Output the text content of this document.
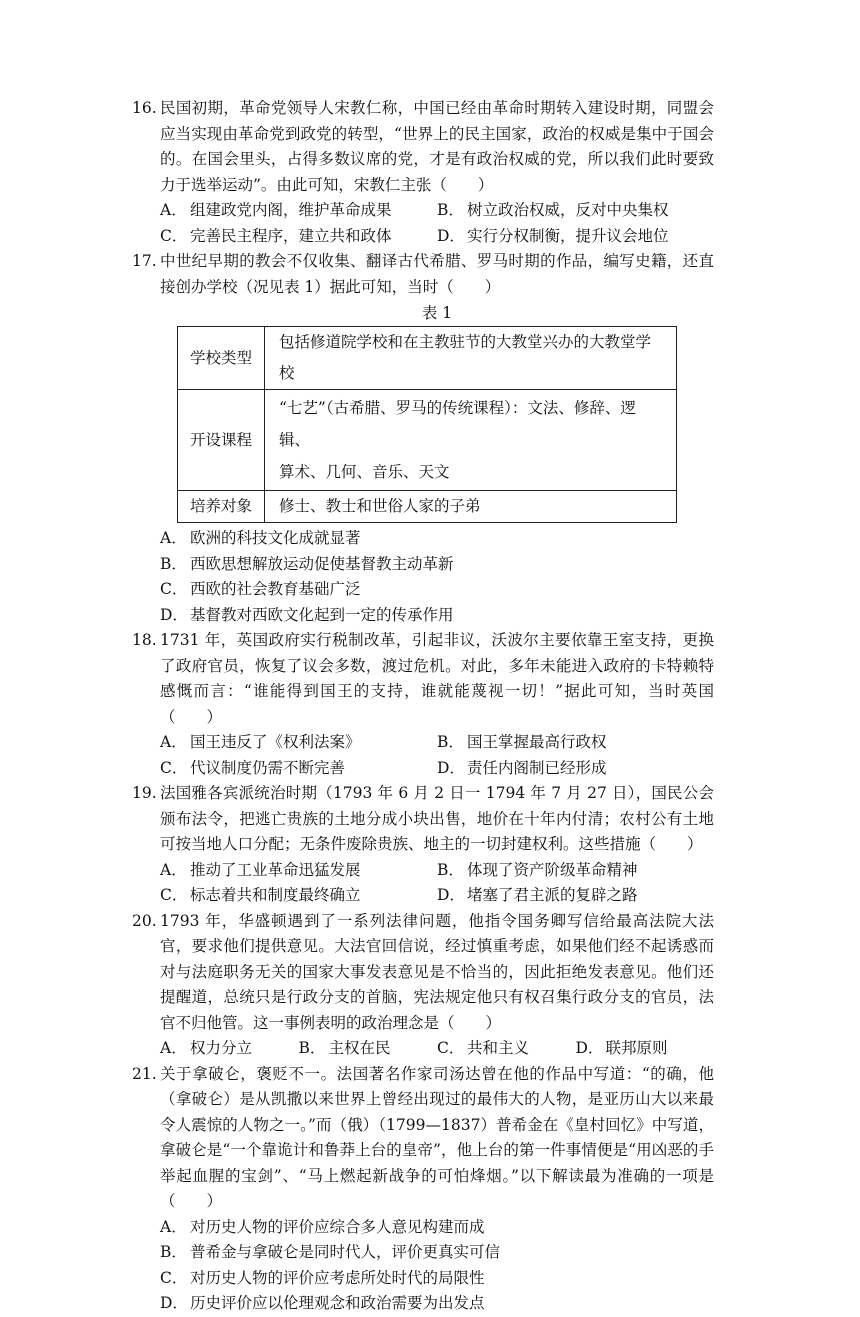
16. 民国初期，革命党领导人宋教仁称，中国已经由革命时期转入建设时期，同盟会应当实现由革命党到政党的转型，“世界上的民主国家，政治的权威是集中于国会的。在国会里头，占得多数议席的党，才是有政治权威的党，所以我们此时要致力于选举运动”。由此可知，宋教仁主张（　　）
A． 组建政党内阁，维护革命成果	B． 树立政治权威，反对中央集权
C． 完善民主程序，建立共和政体	D． 实行分权制衡，提升议会地位
17. 中世纪早期的教会不仅收集、翻译古代希腊、罗马时期的作品，编写史籍，还直接创办学校（况见表 1）据此可知，当时（　　）
表 1
学校类型	包括修道院学校和在主教驻节的大教堂兴办的大教堂学校
开设课程	“七艺”（古希腊、罗马的传统课程）：文法、修辞、逻辑、
算术、几何、音乐、天文

培养对象	修士、教士和世俗人家的子弟
A． 欧洲的科技文化成就显著
B． 西欧思想解放运动促使基督教主动革新
C． 西欧的社会教育基础广泛
D． 基督教对西欧文化起到一定的传承作用
18. 1731 年，英国政府实行税制改革，引起非议，沃波尔主要依靠王室支持，更换了政府官员，恢复了议会多数，渡过危机。对此，多年未能进入政府的卡特赖特感慨而言：“谁能得到国王的支持，谁就能蔑视一切！”据此可知，当时英国（　　）
A． 国王违反了《权利法案》	B． 国王掌握最高行政权
C． 代议制度仍需不断完善	D． 责任内阁制已经形成
19. 法国雅各宾派统治时期（1793 年 6 月 2 日一 1794 年 7 月 27 日），国民公会颁布法令，把逃亡贵族的土地分成小块出售，地价在十年内付清；农村公有土地可按当地人口分配；无条件废除贵族、地主的一切封建权利。这些措施（　　）
A． 推动了工业革命迅猛发展	B． 体现了资产阶级革命精神
C． 标志着共和制度最终确立	D． 堵塞了君主派的复辟之路
20. 1793 年，华盛顿遇到了一系列法律问题，他指令国务卿写信给最高法院大法官，要求他们提供意见。大法官回信说，经过慎重考虑，如果他们经不起诱惑而对与法庭职务无关的国家大事发表意见是不恰当的，因此拒绝发表意见。他们还提醒道，总统只是行政分支的首脑，宪法规定他只有权召集行政分支的官员，法官不归他管。这一事例表明的政治理念是（　　）
A． 权力分立	B． 主权在民	C． 共和主义	D． 联邦原则
21. 关于拿破仑，褒贬不一。法国著名作家司汤达曾在他的作品中写道：“的确，他（拿破仑）是从凯撒以来世界上曾经出现过的最伟大的人物，是亚历山大以来最令人震惊的人物之一。”而（俄）（1799—1837）普希金在《皇村回忆》中写道，拿破仑是“一个靠诡计和鲁莽上台的皇帝”，他上台的第一件事情便是“用凶恶的手举起血腥的宝剑”、“马上燃起新战争的可怕烽烟。”以下解读最为准确的一项是（　　）
A． 对历史人物的评价应综合多人意见构建而成
B． 普希金与拿破仑是同时代人，评价更真实可信
C． 对历史人物的评价应考虑所处时代的局限性
D． 历史评价应以伦理观念和政治需要为出发点
